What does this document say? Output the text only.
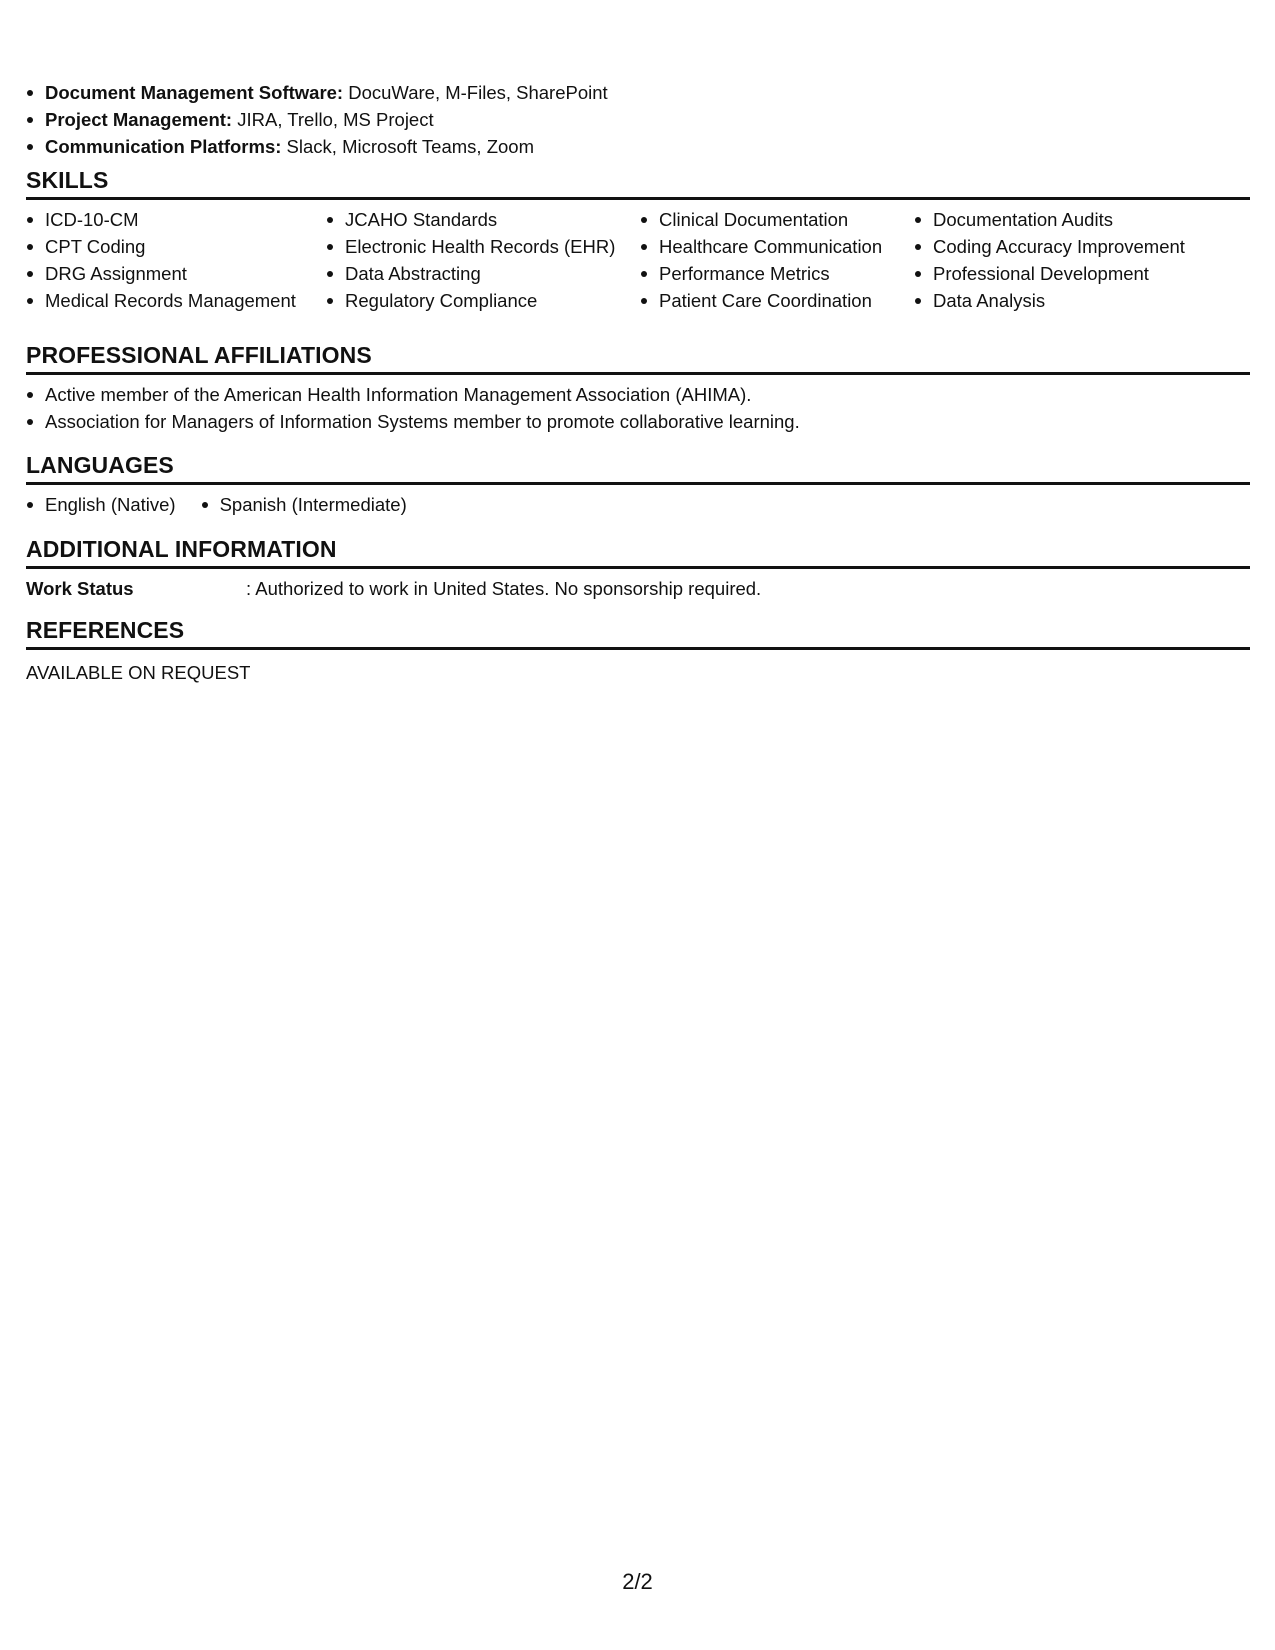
Document Management Software: DocuWare, M-Files, SharePoint
Project Management: JIRA, Trello, MS Project
Communication Platforms: Slack, Microsoft Teams, Zoom
SKILLS
ICD-10-CM
CPT Coding
DRG Assignment
Medical Records Management
JCAHO Standards
Electronic Health Records (EHR)
Data Abstracting
Regulatory Compliance
Clinical Documentation
Healthcare Communication
Performance Metrics
Patient Care Coordination
Documentation Audits
Coding Accuracy Improvement
Professional Development
Data Analysis
PROFESSIONAL AFFILIATIONS
Active member of the American Health Information Management Association (AHIMA).
Association for Managers of Information Systems member to promote collaborative learning.
LANGUAGES
English (Native)	Spanish (Intermediate)
ADDITIONAL INFORMATION
Work Status	: Authorized to work in United States. No sponsorship required.
REFERENCES
AVAILABLE ON REQUEST
2/2
